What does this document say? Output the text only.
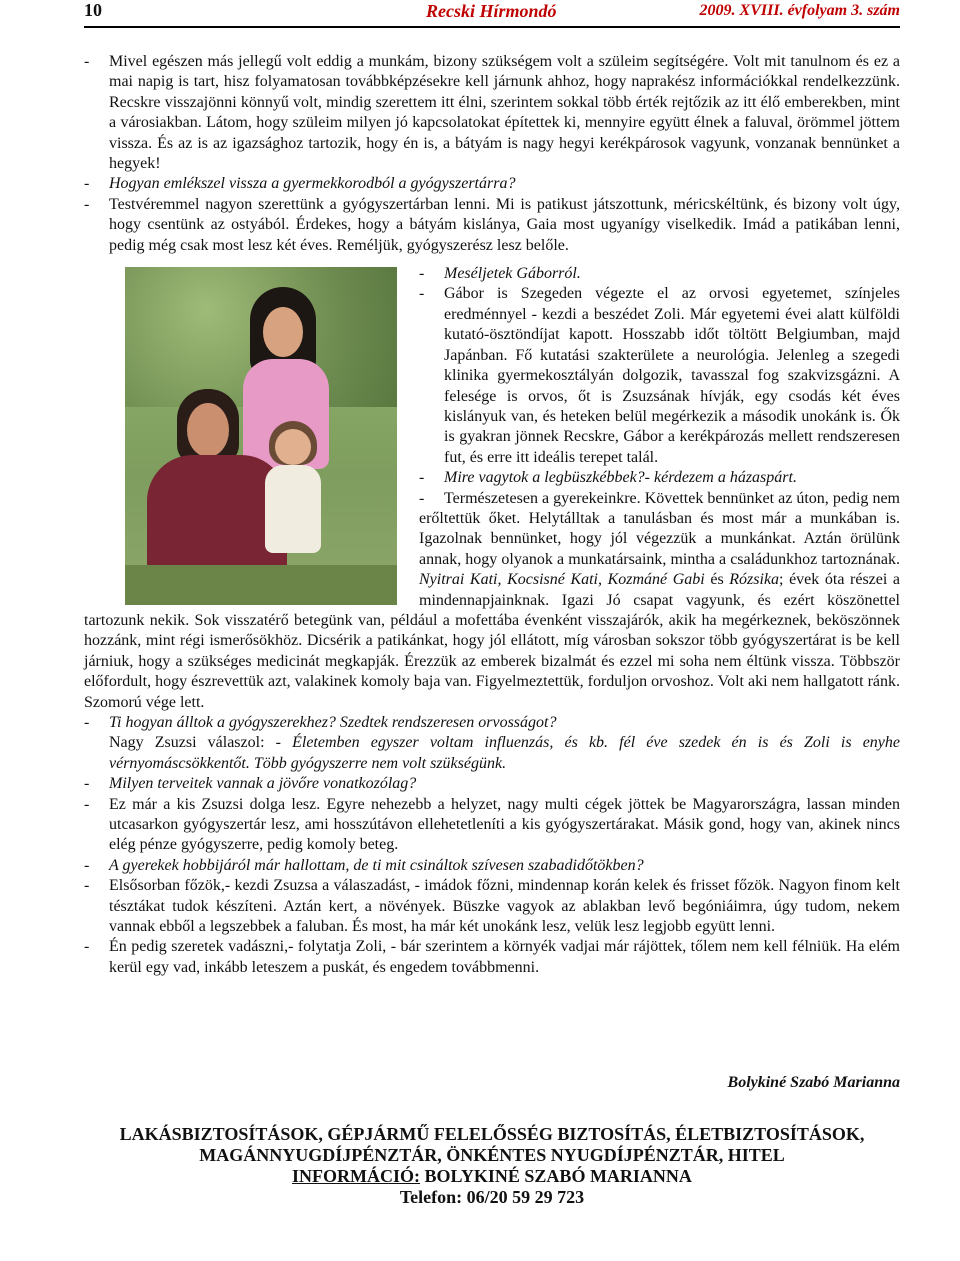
10	Recski Hírmondó	2009. XVIII. évfolyam 3. szám

- Mivel egészen más jellegű volt eddig a munkám, bizony szükségem volt a szüleim segítségére. Volt mit tanulnom és ez a mai napig is tart, hisz folyamatosan továbbképzésekre kell járnunk ahhoz, hogy naprakész információkkal rendelkezzünk. Recskre visszajönni könnyű volt, mindig szerettem itt élni, szerintem sokkal több érték rejtőzik az itt élő emberekben, mint a városiakban. Látom, hogy szüleim milyen jó kapcsolatokat építettek ki, mennyire együtt élnek a faluval, örömmel jöttem vissza. És az is az igazsághoz tartozik, hogy én is, a bátyám is nagy hegyi kerékpárosok vagyunk, vonzanak bennünket a hegyek!

- Hogyan emlékszel vissza a gyermekkorodból a gyógyszertárra?

- Testvéremmel nagyon szerettünk a gyógyszertárban lenni. Mi is patikust játszottunk, méricskéltünk, és bizony volt úgy, hogy csentünk az ostyából. Érdekes, hogy a bátyám kislánya, Gaia most ugyanígy viselkedik. Imád a patikában lenni, pedig még csak most lesz két éves. Reméljük, gyógyszerész lesz belőle.

- Meséljetek Gáborról.

- Gábor is Szegeden végezte el az orvosi egyetemet, színjeles eredménnyel - kezdi a beszédet Zoli. Már egyetemi évei alatt külföldi kutató-ösztöndíjat kapott. Hosszabb időt töltött Belgiumban, majd Japánban. Fő kutatási szakterülete a neurológia. Jelenleg a szegedi klinika gyermekosztályán dolgozik, tavasszal fog szakvizsgázni. A felesége is orvos, őt is Zsuzsának hívják, egy csodás két éves kislányuk van, és heteken belül megérkezik a második unokánk is. Ők is gyakran jönnek Recskre, Gábor a kerékpározás mellett rendszeresen fut, és erre itt ideális terepet talál.

- Mire vagytok a legbüszkébbek?- kérdezem a házaspárt.

- Természetesen a gyerekeinkre. Követtek bennünket az úton, pedig nem erőltettük őket. Helytálltak a tanulásban és most már a munkában is. Igazolnak bennünket, hogy jól végezzük a munkánkat. Aztán örülünk annak, hogy olyanok a munkatársaink, mintha a családunkhoz tartoznának. Nyitrai Kati, Kocsisné Kati, Kozmáné Gabi és Rózsika; évek óta részei a mindennapjainknak. Igazi Jó csapat vagyunk, és ezért köszönettel tartozunk nekik. Sok visszatérő betegünk van, például a mofettába évenként visszajárók, akik ha megérkeznek, beköszönnek hozzánk, mint régi ismerősökhöz. Dicsérik a patikánkat, hogy jól ellátott, míg városban sokszor több gyógyszertárat is be kell járniuk, hogy a szükséges medicinát megkapják. Érezzük az emberek bizalmát és ezzel mi soha nem éltünk vissza. Többször előfordult, hogy észrevettük azt, valakinek komoly baja van. Figyelmeztettük, forduljon orvoshoz. Volt aki nem hallgatott ránk. Szomorú vége lett.

- Ti hogyan álltok a gyógyszerekhez? Szedtek rendszeresen orvosságot?

Nagy Zsuzsi válaszol: - Életemben egyszer voltam influenzás, és kb. fél éve szedek én is és Zoli is enyhe vérnyomáscsökkentőt. Több gyógyszerre nem volt szükségünk.

- Milyen terveitek vannak a jövőre vonatkozólag?

- Ez már a kis Zsuzsi dolga lesz. Egyre nehezebb a helyzet, nagy multi cégek jöttek be Magyarországra, lassan minden utcasarkon gyógyszertár lesz, ami hosszútávon ellehetetleníti a kis gyógyszertárakat. Másik gond, hogy van, akinek nincs elég pénze gyógyszerre, pedig komoly beteg.

- A gyerekek hobbijáról már hallottam, de ti mit csináltok szívesen szabadidőtökben?

- Elsősorban főzök,- kezdi Zsuzsa a válaszadást, - imádok főzni, mindennap korán kelek és frisset főzök. Nagyon finom kelt tésztákat tudok készíteni. Aztán kert, a növények. Büszke vagyok az ablakban levő begóniáimra, úgy tudom, nekem vannak ebből a legszebbek a faluban. És most, ha már két unokánk lesz, velük lesz legjobb együtt lenni.

- Én pedig szeretek vadászni,- folytatja Zoli, - bár szerintem a környék vadjai már rájöttek, tőlem nem kell félniük. Ha elém kerül egy vad, inkább leteszem a puskát, és engedem továbbmenni.

Bolykiné Szabó Marianna
LAKÁSBIZTOSÍTÁSOK, GÉPJÁRMŰ FELELŐSSÉG BIZTOSÍTÁS, ÉLETBIZTOSÍTÁSOK,
MAGÁNNYUGDÍJPÉNZTÁR, ÖNKÉNTES NYUGDÍJPÉNZTÁR, HITEL
INFORMÁCIÓ: BOLYKINÉ SZABÓ MARIANNA
Telefon: 06/20 59 29 723
